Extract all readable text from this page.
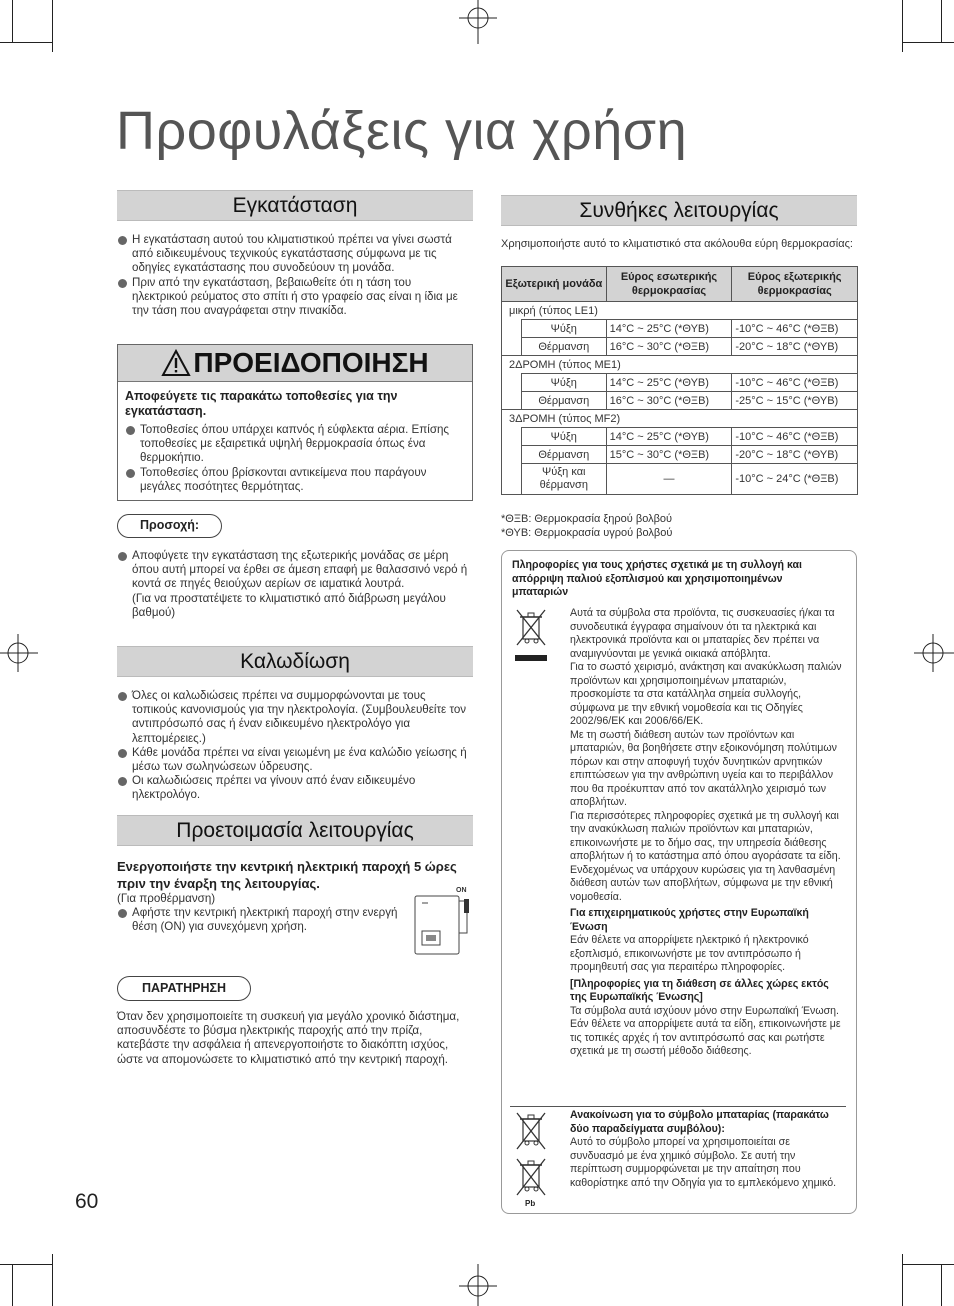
Προφυλάξεις για χρήση
Εγκατάσταση
Η εγκατάσταση αυτού του κλιματιστικού πρέπει να γίνει σωστά από ειδικευμένους τεχνικούς εγκατάστασης σύμφωνα με τις οδηγίες εγκατάστασης που συνοδεύουν τη μονάδα.
Πριν από την εγκατάσταση, βεβαιωθείτε ότι η τάση του ηλεκτρικού ρεύματος στο σπίτι ή στο γραφείο σας είναι η ίδια με την τάση που αναγράφεται στην πινακίδα.
ΠΡΟΕΙΔΟΠΟΙΗΣΗ
Αποφεύγετε τις παρακάτω τοποθεσίες για την εγκατάσταση.
Τοποθεσίες όπου υπάρχει καπνός ή εύφλεκτα αέρια. Επίσης τοποθεσίες με εξαιρετικά υψηλή θερμοκρασία όπως ένα θερμοκήπιο.
Τοποθεσίες όπου βρίσκονται αντικείμενα που παράγουν μεγάλες ποσότητες θερμότητας.
Προσοχή:
Αποφύγετε την εγκατάσταση της εξωτερικής μονάδας σε μέρη όπου αυτή μπορεί να έρθει σε άμεση επαφή με θαλασσινό νερό ή κοντά σε πηγές θειούχων αερίων σε ιαματικά λουτρά.
(Για να προστατέψετε το κλιματιστικό από διάβρωση μεγάλου βαθμού)
Καλωδίωση
Όλες οι καλωδιώσεις πρέπει να συμμορφώνονται με τους τοπικούς κανονισμούς για την ηλεκτρολογία. (Συμβουλευθείτε τον αντιπρόσωπό σας ή έναν ειδικευμένο ηλεκτρολόγο για λεπτομέρειες.)
Κάθε μονάδα πρέπει να είναι γειωμένη με ένα καλώδιο γείωσης ή μέσω των σωληνώσεων ύδρευσης.
Οι καλωδιώσεις πρέπει να γίνουν από έναν ειδικευμένο ηλεκτρολόγο.
Προετοιμασία λειτουργίας
Ενεργοποιήστε την κεντρική ηλεκτρική παροχή 5 ώρες πριν την έναρξη της λειτουργίας.
(Για προθέρμανση)
Αφήστε την κεντρική ηλεκτρική παροχή στην ενεργή θέση (ON) για συνεχόμενη χρήση.
ON
ΠΑΡΑΤΗΡΗΣΗ
Όταν δεν χρησιμοποιείτε τη συσκευή για μεγάλο χρονικό διάστημα, αποσυνδέστε το βύσμα ηλεκτρικής παροχής από την πρίζα, κατεβάστε την ασφάλεια ή απενεργοποιήστε το διακόπτη ισχύος, ώστε να απομονώσετε το κλιματιστικό από την κεντρική παροχή.
60
Συνθήκες λειτουργίας
Χρησιμοποιήστε αυτό το κλιματιστικό στα ακόλουθα εύρη θερμοκρασίας:
Εξωτερική μονάδα		Εύρος εσωτερικής θερμοκρασίας	Εύρος εξωτερικής θερμοκρασίας
μικρή (τύπος LE1)			
	Ψύξη	14°C ~ 25°C (*ΘΥΒ)	-10°C ~ 46°C (*ΘΞΒ)
	Θέρμανση	16°C ~ 30°C (*ΘΞΒ)	-20°C ~ 18°C (*ΘΥΒ)
2ΔΡΟΜΗ (τύπος ME1)			
	Ψύξη	14°C ~ 25°C (*ΘΥΒ)	-10°C ~ 46°C (*ΘΞΒ)
	Θέρμανση	16°C ~ 30°C (*ΘΞΒ)	-25°C ~ 15°C (*ΘΥΒ)
3ΔΡΟΜΗ (τύπος MF2)			
	Ψύξη	14°C ~ 25°C (*ΘΥΒ)	-10°C ~ 46°C (*ΘΞΒ)
	Θέρμανση	15°C ~ 30°C (*ΘΞΒ)	-20°C ~ 18°C (*ΘΥΒ)
	Ψύξη και θέρμανση	—	-10°C ~ 24°C (*ΘΞΒ)
*ΘΞΒ: Θερμοκρασία ξηρού βολβού
*ΘΥΒ: Θερμοκρασία υγρού βολβού
Πληροφορίες για τους χρήστες σχετικά με τη συλλογή και απόρριψη παλιού εξοπλισμού και χρησιμοποιημένων μπαταριών
Αυτά τα σύμβολα στα προϊόντα, τις συσκευασίες ή/και τα συνοδευτικά έγγραφα σημαίνουν ότι τα ηλεκτρικά και ηλεκτρονικά προϊόντα και οι μπαταρίες δεν πρέπει να αναμιγνύονται με γενικά οικιακά απόβλητα.
Για το σωστό χειρισμό, ανάκτηση και ανακύκλωση παλιών προϊόντων και χρησιμοποιημένων μπαταριών, προσκομίστε τα στα κατάλληλα σημεία συλλογής, σύμφωνα με την εθνική νομοθεσία και τις Οδηγίες 2002/96/ΕΚ και 2006/66/ΕΚ.
Με τη σωστή διάθεση αυτών των προϊόντων και μπαταριών, θα βοηθήσετε στην εξοικονόμηση πολύτιμων πόρων και στην αποφυγή τυχόν δυνητικών αρνητικών επιπτώσεων για την ανθρώπινη υγεία και το περιβάλλον που θα προέκυπταν από τον ακατάλληλο χειρισμό των αποβλήτων.
Για περισσότερες πληροφορίες σχετικά με τη συλλογή και την ανακύκλωση παλιών προϊόντων και μπαταριών, επικοινωνήστε με το δήμο σας, την υπηρεσία διάθεσης αποβλήτων ή το κατάστημα από όπου αγοράσατε τα είδη.
Ενδεχομένως να υπάρχουν κυρώσεις για τη λανθασμένη διάθεση αυτών των αποβλήτων, σύμφωνα με την εθνική νομοθεσία.
Για επιχειρηματικούς χρήστες στην Ευρωπαϊκή Ένωση
Εάν θέλετε να απορρίψετε ηλεκτρικό ή ηλεκτρονικό εξοπλισμό, επικοινωνήστε με τον αντιπρόσωπο ή προμηθευτή σας για περαιτέρω πληροφορίες.
[Πληροφορίες για τη διάθεση σε άλλες χώρες εκτός της Ευρωπαϊκής Ένωσης]
Τα σύμβολα αυτά ισχύουν μόνο στην Ευρωπαϊκή Ένωση. Εάν θέλετε να απορρίψετε αυτά τα είδη, επικοινωνήστε με τις τοπικές αρχές ή τον αντιπρόσωπό σας και ρωτήστε σχετικά με τη σωστή μέθοδο διάθεσης.
Pb
Ανακοίνωση για το σύμβολο μπαταρίας (παρακάτω δύο παραδείγματα συμβόλου):
Αυτό το σύμβολο μπορεί να χρησιμοποιείται σε συνδυασμό με ένα χημικό σύμβολο. Σε αυτή την περίπτωση συμμορφώνεται με την απαίτηση που καθορίστηκε από την Οδηγία για το εμπλεκόμενο χημικό.
